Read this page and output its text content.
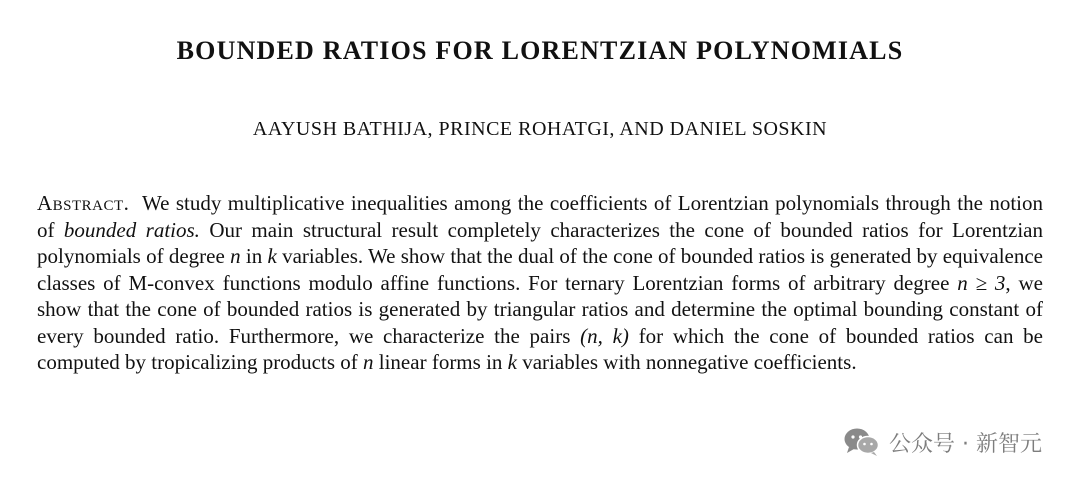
BOUNDED RATIOS FOR LORENTZIAN POLYNOMIALS
AAYUSH BATHIJA, PRINCE ROHATGI, AND DANIEL SOSKIN
Abstract. We study multiplicative inequalities among the coefficients of Lorentzian polynomials through the notion of bounded ratios. Our main structural result completely characterizes the cone of bounded ratios for Lorentzian polynomials of degree n in k variables. We show that the dual of the cone of bounded ratios is generated by equivalence classes of M-convex functions modulo affine functions. For ternary Lorentzian forms of arbitrary degree n ≥ 3, we show that the cone of bounded ratios is generated by triangular ratios and determine the optimal bounding constant of every bounded ratio. Furthermore, we characterize the pairs (n, k) for which the cone of bounded ratios can be computed by tropicalizing products of n linear forms in k variables with nonnegative coefficients.
公众号 · 新智元
